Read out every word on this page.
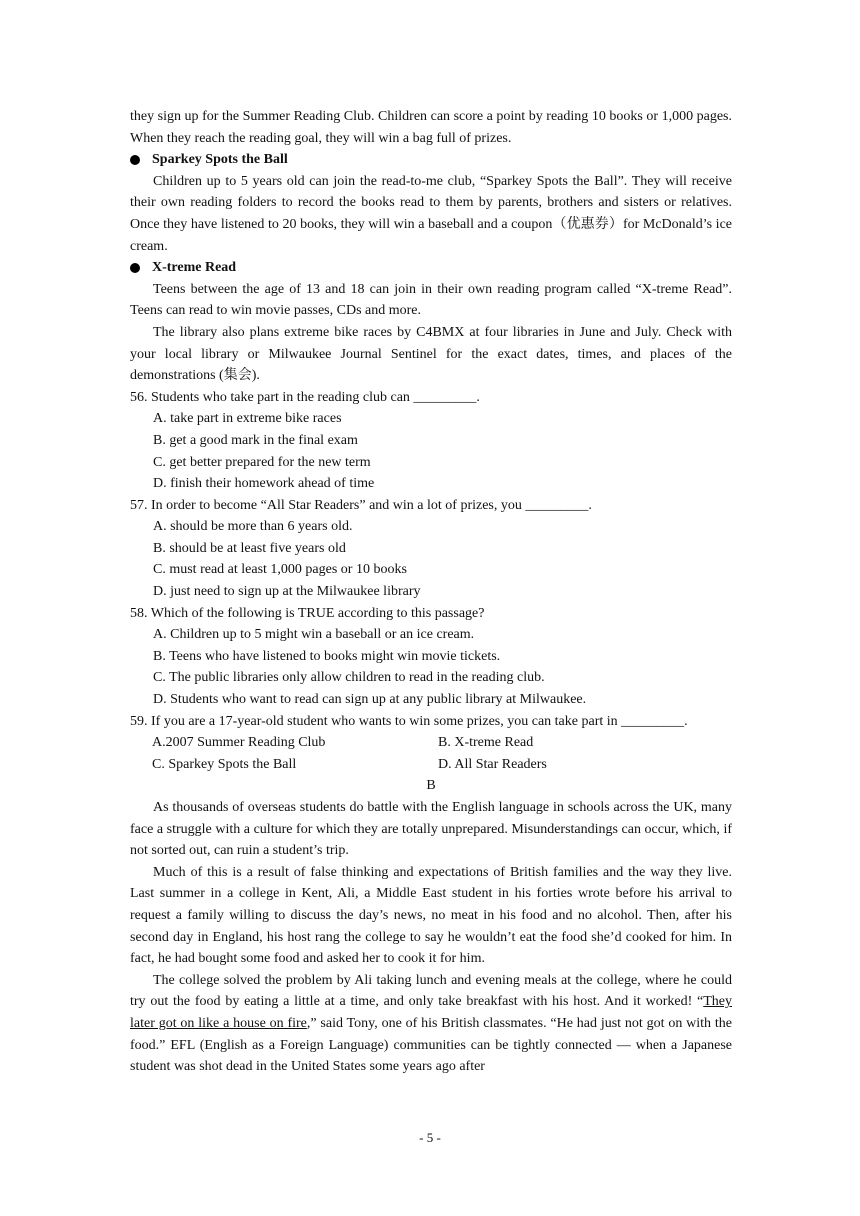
they sign up for the Summer Reading Club. Children can score a point by reading 10 books or 1,000 pages. When they reach the reading goal, they will win a bag full of prizes.

Sparkey Spots the Ball

Children up to 5 years old can join the read-to-me club, “Sparkey Spots the Ball”. They will receive their own reading folders to record the books read to them by parents, brothers and sisters or relatives. Once they have listened to 20 books, they will win a baseball and a coupon（优惠券）for McDonald’s ice cream.

X-treme Read

Teens between the age of 13 and 18 can join in their own reading program called “X-treme Read”. Teens can read to win movie passes, CDs and more.

The library also plans extreme bike races by C4BMX at four libraries in June and July. Check with your local library or Milwaukee Journal Sentinel for the exact dates, times, and places of the demonstrations (集会).

56. Students who take part in the reading club can _________.

A. take part in extreme bike races

B. get a good mark in the final exam

C. get better prepared for the new term

D. finish their homework ahead of time

57. In order to become “All Star Readers” and win a lot of prizes, you _________.

A. should be more than 6 years old.

B. should be at least five years old

C. must read at least 1,000 pages or 10 books

D. just need to sign up at the Milwaukee library

58. Which of the following is TRUE according to this passage?

A. Children up to 5 might win a baseball or an ice cream.

B. Teens who have listened to books might win movie tickets.

C. The public libraries only allow children to read in the reading club.

D. Students who want to read can sign up at any public library at Milwaukee.

59. If you are a 17-year-old student who wants to win some prizes, you can take part in _________.

A.2007 Summer Reading Club	B. X-treme Read
C. Sparkey Spots the Ball	D. All Star Readers

B

As thousands of overseas students do battle with the English language in schools across the UK, many face a struggle with a culture for which they are totally unprepared. Misunderstandings can occur, which, if not sorted out, can ruin a student’s trip.

Much of this is a result of false thinking and expectations of British families and the way they live. Last summer in a college in Kent, Ali, a Middle East student in his forties wrote before his arrival to request a family willing to discuss the day’s news, no meat in his food and no alcohol. Then, after his second day in England, his host rang the college to say he wouldn’t eat the food she’d cooked for him. In fact, he had bought some food and asked her to cook it for him.

The college solved the problem by Ali taking lunch and evening meals at the college, where he could try out the food by eating a little at a time, and only take breakfast with his host. And it worked! “They later got on like a house on fire,” said Tony, one of his British classmates. “He had just not got on with the food.” EFL (English as a Foreign Language) communities can be tightly connected — when a Japanese student was shot dead in the United States some years ago after

- 5 -
